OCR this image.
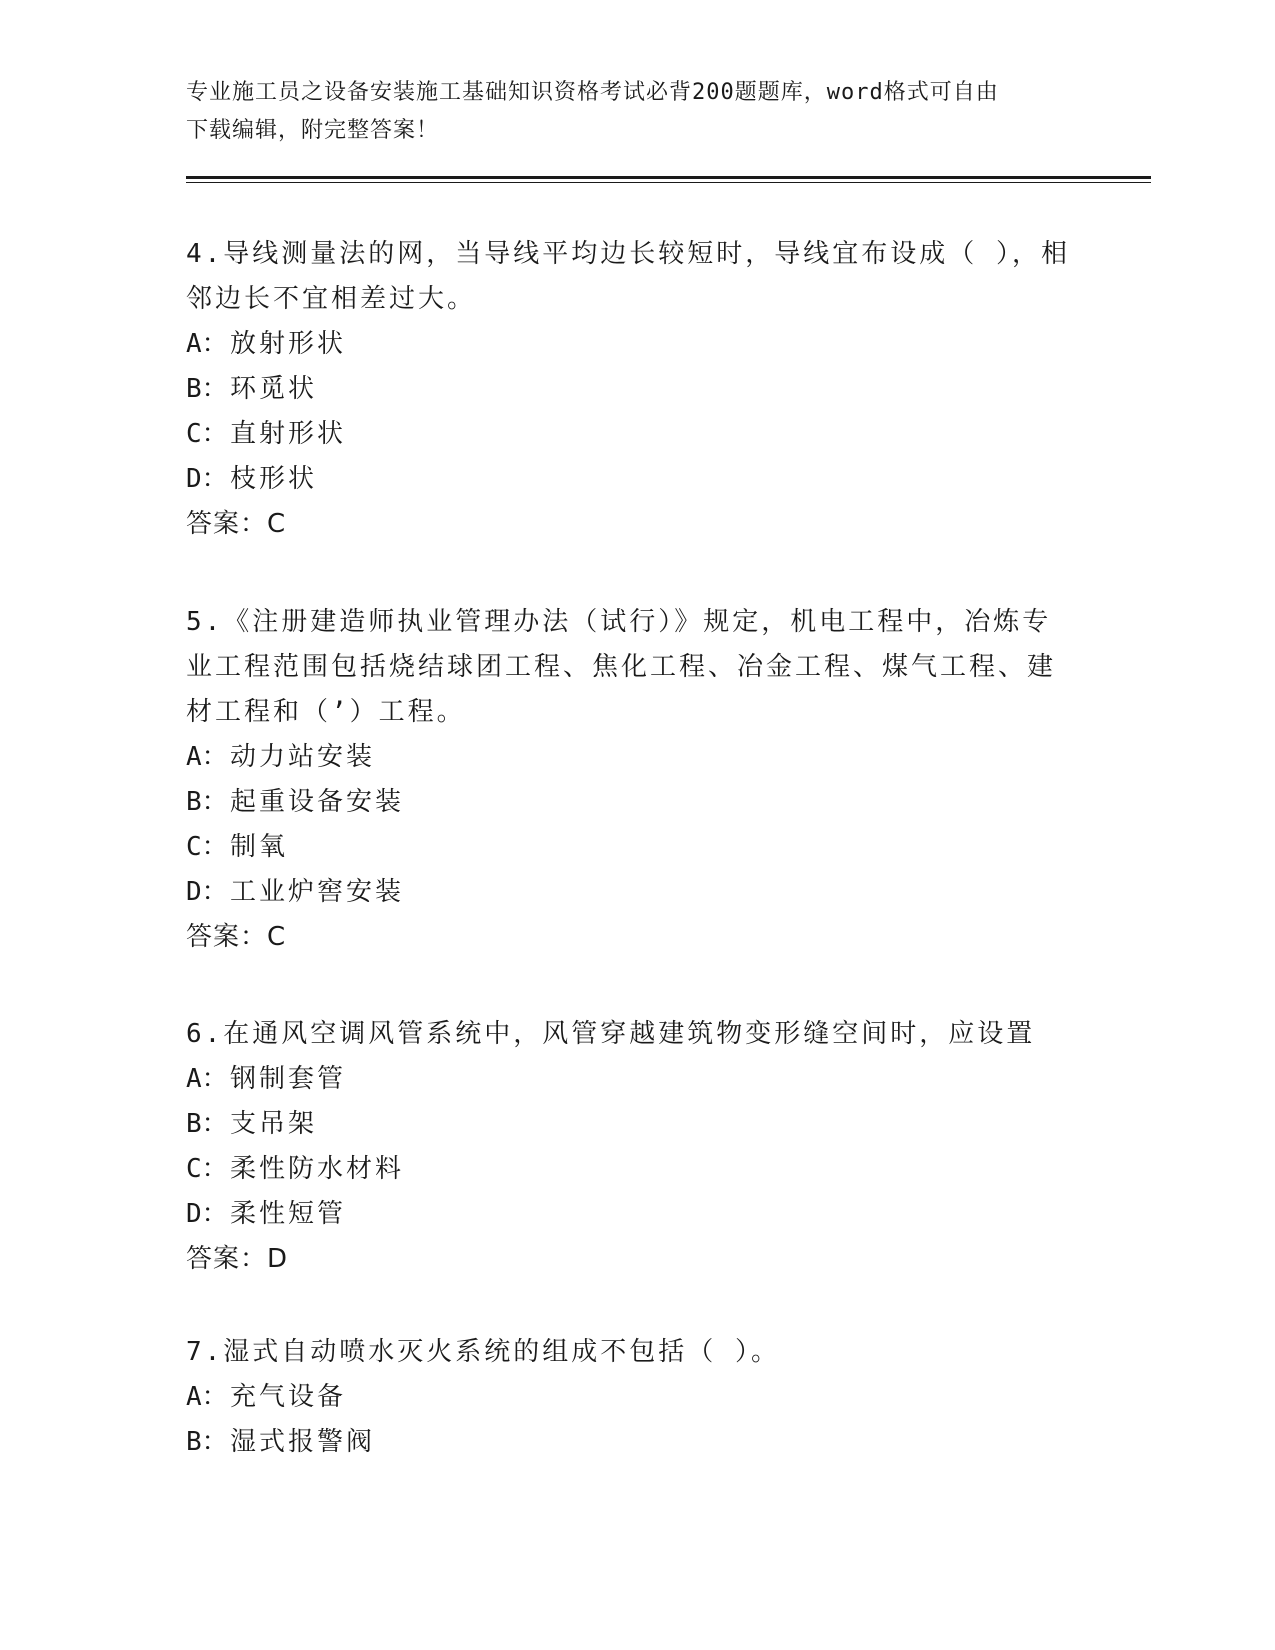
专业施工员之设备安装施工基础知识资格考试必背200题题库，word格式可自由
下载编辑，附完整答案！
4.导线测量法的网，当导线平均边长较短时，导线宜布设成（ ），相
邻边长不宜相差过大。
A：放射形状
B：环觅状
C：直射形状
D：枝形状
答案：C
5.《注册建造师执业管理办法（试行）》规定，机电工程中，冶炼专
业工程范围包括烧结球团工程、焦化工程、冶金工程、煤气工程、建
材工程和（’）工程。
A：动力站安装
B：起重设备安装
C：制氧
D：工业炉窖安装
答案：C
6.在通风空调风管系统中，风管穿越建筑物变形缝空间时，应设置
A：钢制套管
B：支吊架
C：柔性防水材料
D：柔性短管
答案：D
7.湿式自动喷水灭火系统的组成不包括（ ）。
A：充气设备
B：湿式报警阀
